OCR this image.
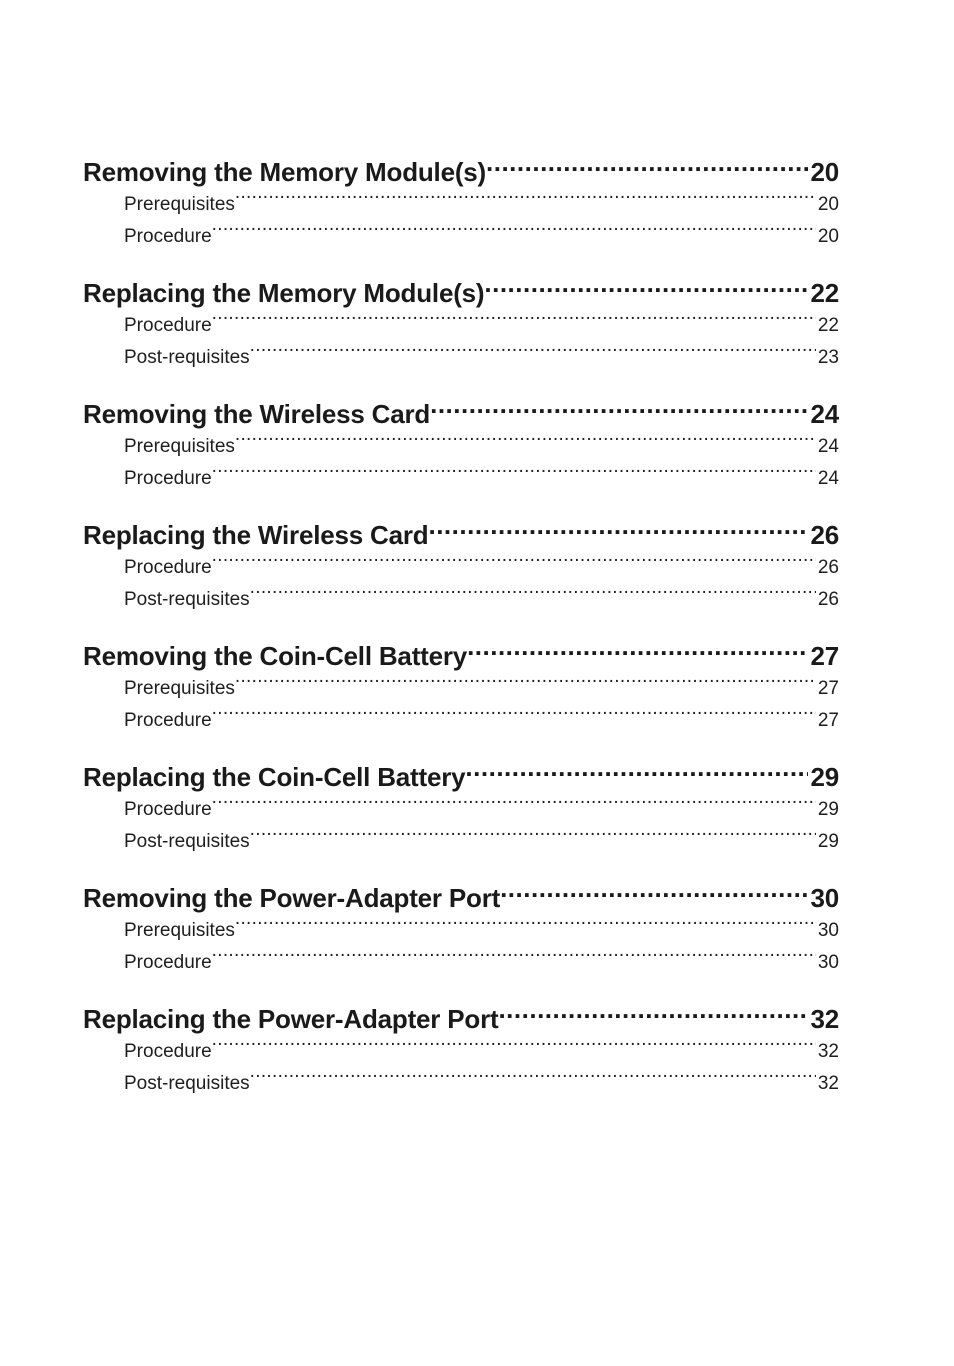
Removing the Memory Module(s) .....	20
Prerequisites .....	20
Procedure .....	20
Replacing the Memory Module(s) .....	22
Procedure .....	22
Post-requisites .....	23
Removing the Wireless Card .....	24
Prerequisites .....	24
Procedure .....	24
Replacing the Wireless Card .....	26
Procedure .....	26
Post-requisites .....	26
Removing the Coin-Cell Battery .....	27
Prerequisites .....	27
Procedure .....	27
Replacing the Coin-Cell Battery .....	29
Procedure .....	29
Post-requisites .....	29
Removing the Power-Adapter Port .....	30
Prerequisites .....	30
Procedure .....	30
Replacing the Power-Adapter Port .....	32
Procedure .....	32
Post-requisites .....	32
